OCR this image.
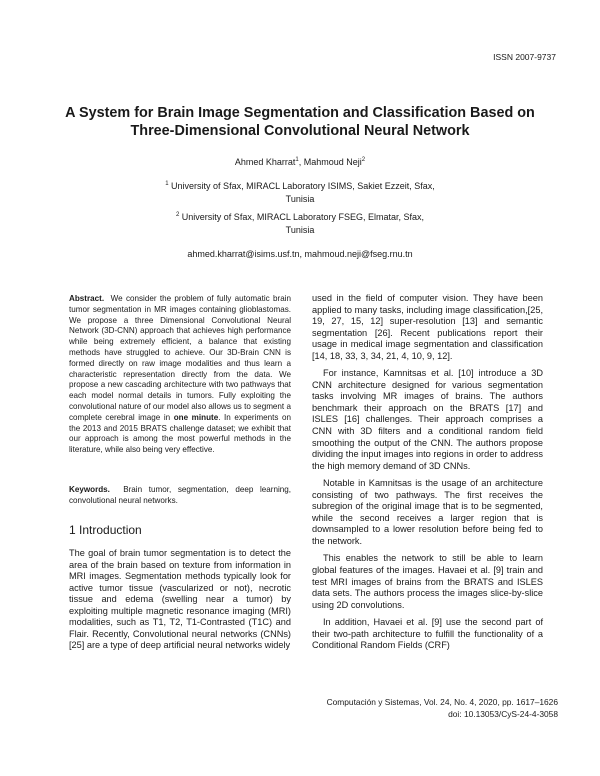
ISSN 2007-9737
A System for Brain Image Segmentation and Classification Based on
Three-Dimensional Convolutional Neural Network
Ahmed Kharrat$^1$, Mahmoud Neji$^2$
$^1$ University of Sfax, MIRACL Laboratory ISIMS, Sakiet Ezzeit, Sfax,
Tunisia
$^2$ University of Sfax, MIRACL Laboratory FSEG, Elmatar, Sfax,
Tunisia
ahmed.kharrat@isims.usf.tn, mahmoud.neji@fseg.rnu.tn
Abstract. We consider the problem of fully automatic brain tumor segmentation in MR images containing glioblastomas. We propose a three Dimensional Convolutional Neural Network (3D-CNN) approach that achieves high performance while being extremely efficient, a balance that existing methods have struggled to achieve. Our 3D-Brain CNN is formed directly on raw image modalities and thus learn a characteristic representation directly from the data. We propose a new cascading architecture with two pathways that each model normal details in tumors. Fully exploiting the convolutional nature of our model also allows us to segment a complete cerebral image in one minute. In experiments on the 2013 and 2015 BRATS challenge dataset; we exhibit that our approach is among the most powerful methods in the literature, while also being very effective.
Keywords. Brain tumor, segmentation, deep learning, convolutional neural networks.
1 Introduction
The goal of brain tumor segmentation is to detect the area of the brain based on texture from information in MRI images. Segmentation methods typically look for active tumor tissue (vascularized or not), necrotic tissue and edema (swelling near a tumor) by exploiting multiple magnetic resonance imaging (MRI) modalities, such as T1, T2, T1-Contrasted (T1C) and Flair. Recently, Convolutional neural networks (CNNs) [25] are a type of deep artificial neural networks widely

used in the field of computer vision. They have been applied to many tasks, including image classification,[25, 19, 27, 15, 12] super-resolution [13] and semantic segmentation [26]. Recent publications report their usage in medical image segmentation and classification [14, 18, 33, 3, 34, 21, 4, 10, 9, 12].

For instance, Kamnitsas et al. [10] introduce a 3D CNN architecture designed for various segmentation tasks involving MR images of brains. The authors benchmark their approach on the BRATS [17] and ISLES [16] challenges. Their approach comprises a CNN with 3D filters and a conditional random field smoothing the output of the CNN. The authors propose dividing the input images into regions in order to address the high memory demand of 3D CNNs.

Notable in Kamnitsas is the usage of an architecture consisting of two pathways. The first receives the subregion of the original image that is to be segmented, while the second receives a larger region that is downsampled to a lower resolution before being fed to the network.

This enables the network to still be able to learn global features of the images. Havaei et al. [9] train and test MRI images of brains from the BRATS and ISLES data sets. The authors process the images slice-by-slice using 2D convolutions.

In addition, Havaei et al. [9] use the second part of their two-path architecture to fulfill the functionality of a Conditional Random Fields (CRF)

Computación y Sistemas, Vol. 24, No. 4, 2020, pp. 1617–1626
doi: 10.13053/CyS-24-4-3058
